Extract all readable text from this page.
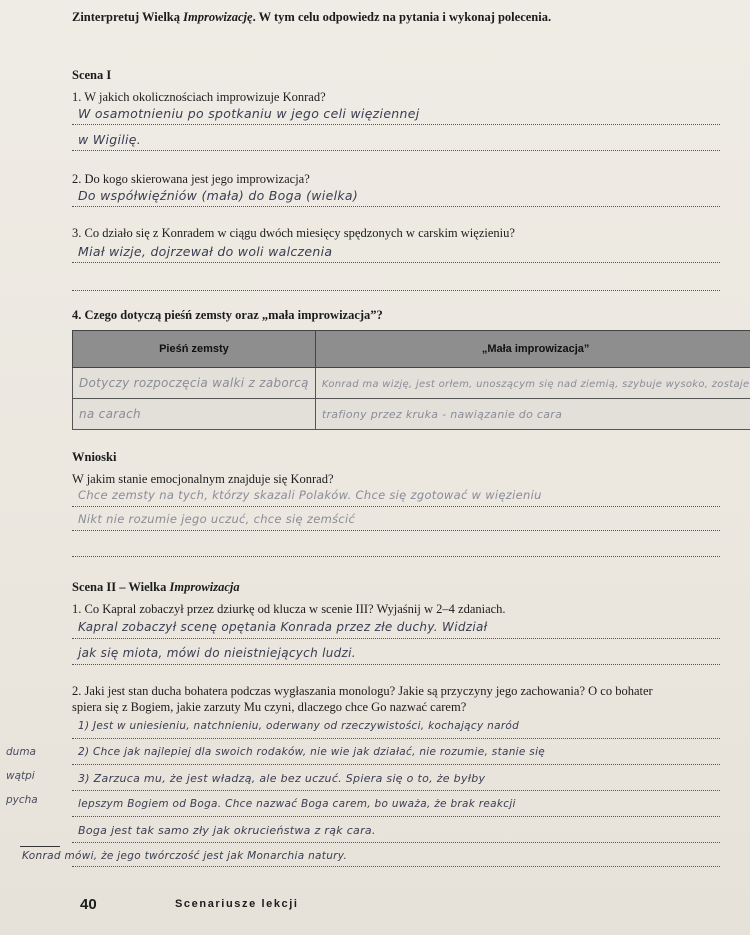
Zinterpretuj Wielką Improwizację. W tym celu odpowiedz na pytania i wykonaj polecenia.
Scena I
1. W jakich okolicznościach improwizuje Konrad?
W osamotnieniu po spotkaniu w jego celi więziennej
w Wigilię.
2. Do kogo skierowana jest jego improwizacja?
Do współwięźniów (mała) do Boga (wielka)
3. Co działo się z Konradem w ciągu dwóch miesięcy spędzonych w carskim więzieniu?
Miał wizje, dojrzewał do woli walczenia
4. Czego dotyczą pieśń zemsty oraz „mała improwizacja”?
Pieśń zemsty	„Mała improwizacja”
Dotyczy rozpoczęcia walki z zaborcą	Konrad ma wizję, jest orłem, unoszącym się nad ziemią, szybuje wysoko, zostaje
na carach	trafiony przez kruka - nawiązanie do cara
Wnioski
W jakim stanie emocjonalnym znajduje się Konrad?
Chce zemsty na tych, którzy skazali Polaków. Chce się zgotować w więzieniu
Nikt nie rozumie jego uczuć, chce się zemścić
Scena II – Wielka Improwizacja
1. Co Kapral zobaczył przez dziurkę od klucza w scenie III? Wyjaśnij w 2–4 zdaniach.
Kapral zobaczył scenę opętania Konrada przez złe duchy. Widział
jak się miota, mówi do nieistniejących ludzi.
2. Jaki jest stan ducha bohatera podczas wygłaszania monologu? Jakie są przyczyny jego zachowania? O co bohater
spiera się z Bogiem, jakie zarzuty Mu czyni, dlaczego chce Go nazwać carem?
1) Jest w uniesieniu, natchnieniu, oderwany od rzeczywistości, kochający naród
2) Chce jak najlepiej dla swoich rodaków, nie wie jak działać, nie rozumie, stanie się
3) Zarzuca mu, że jest władzą, ale bez uczuć. Spiera się o to, że byłby
lepszym Bogiem od Boga. Chce nazwać Boga carem, bo uważa, że brak reakcji
Boga jest tak samo zły jak okrucieństwa z rąk cara.
Konrad mówi, że jego twórczość jest jak Monarchia natury.
duma
wątpi
pycha
40	Scenariusze lekcji
